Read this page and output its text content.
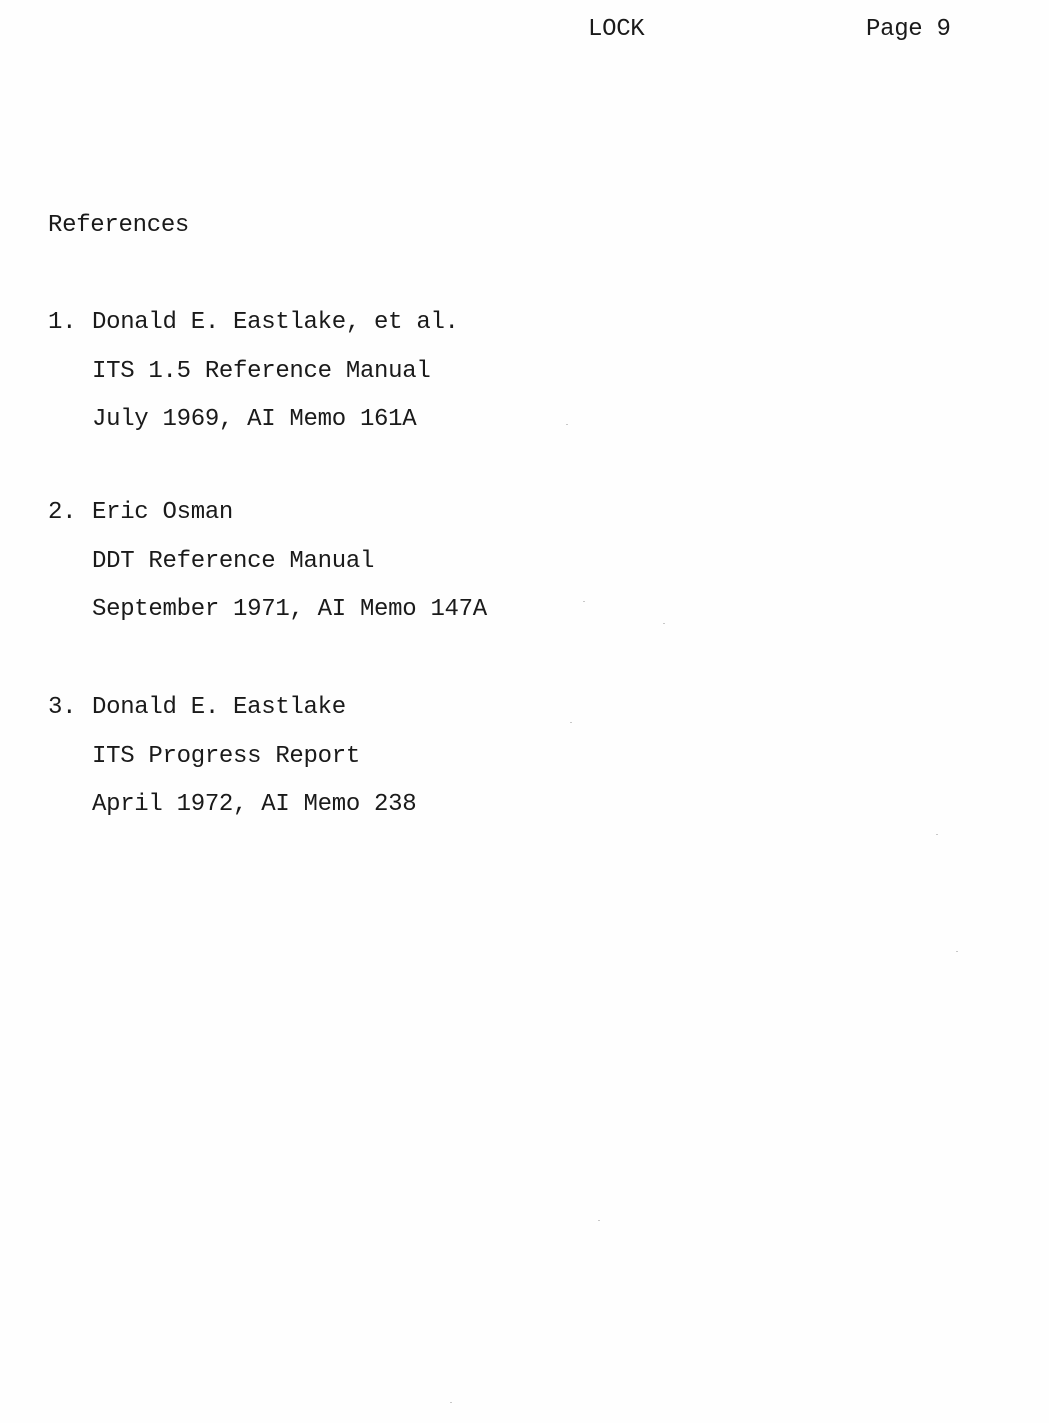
LOCK	Page 9
References
1. Donald E. Eastlake, et al.
ITS 1.5 Reference Manual
July 1969, AI Memo 161A
2. Eric Osman
DDT Reference Manual
September 1971, AI Memo 147A
3. Donald E. Eastlake
ITS Progress Report
April 1972, AI Memo 238
